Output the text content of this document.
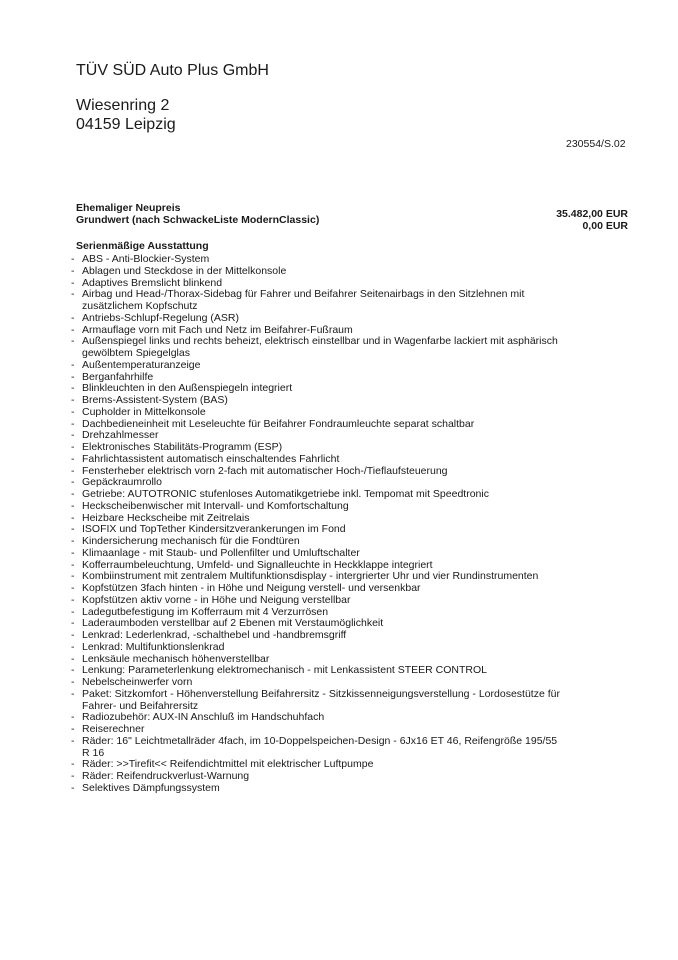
TÜV SÜD Auto Plus GmbH
Wiesenring 2
04159 Leipzig
230554/S.02
Ehemaliger Neupreis	35.482,00 EUR
Grundwert (nach SchwackeListe ModernClassic)	0,00 EUR
Serienmäßige Ausstattung
- ABS - Anti-Blockier-System
- Ablagen und Steckdose in der Mittelkonsole
- Adaptives Bremslicht blinkend
- Airbag und Head-/Thorax-Sidebag für Fahrer und Beifahrer Seitenairbags in den Sitzlehnen mit zusätzlichem Kopfschutz
- Antriebs-Schlupf-Regelung (ASR)
- Armauflage vorn mit Fach und Netz im Beifahrer-Fußraum
- Außenspiegel links und rechts beheizt, elektrisch einstellbar und in Wagenfarbe lackiert mit asphärisch gewölbtem Spiegelglas
- Außentemperaturanzeige
- Berganfahrhilfe
- Blinkleuchten in den Außenspiegeln integriert
- Brems-Assistent-System (BAS)
- Cupholder in Mittelkonsole
- Dachbedieneinheit mit Leseleuchte für Beifahrer Fondraumleuchte separat schaltbar
- Drehzahlmesser
- Elektronisches Stabilitäts-Programm (ESP)
- Fahrlichtassistent automatisch einschaltendes Fahrlicht
- Fensterheber elektrisch vorn 2-fach mit automatischer Hoch-/Tieflaufsteuerung
- Gepäckraumrollo
- Getriebe: AUTOTRONIC stufenloses Automatikgetriebe inkl. Tempomat mit Speedtronic
- Heckscheibenwischer mit Intervall- und Komfortschaltung
- Heizbare Heckscheibe mit Zeitrelais
- ISOFIX und TopTether Kindersitzverankerungen im Fond
- Kindersicherung mechanisch für die Fondtüren
- Klimaanlage - mit Staub- und Pollenfilter und Umluftschalter
- Kofferraumbeleuchtung, Umfeld- und Signalleuchte in Heckklappe integriert
- Kombiinstrument mit zentralem Multifunktionsdisplay - intergrierter Uhr und vier Rundinstrumenten
- Kopfstützen 3fach hinten - in Höhe und Neigung verstell- und versenkbar
- Kopfstützen aktiv vorne - in Höhe und Neigung verstellbar
- Ladegutbefestigung im Kofferraum mit 4 Verzurrösen
- Laderaumboden verstellbar auf 2 Ebenen mit Verstaumöglichkeit
- Lenkrad: Lederlenkrad, -schalthebel und -handbremsgriff
- Lenkrad: Multifunktionslenkrad
- Lenksäule mechanisch höhenverstellbar
- Lenkung: Parameterlenkung elektromechanisch - mit Lenkassistent STEER CONTROL
- Nebelscheinwerfer vorn
- Paket: Sitzkomfort - Höhenverstellung Beifahrersitz - Sitzkissenneigungsverstellung - Lordosestütze für Fahrer- und Beifahrersitz
- Radiozubehör: AUX-IN Anschluß im Handschuhfach
- Reiserechner
- Räder: 16" Leichtmetallräder 4fach, im 10-Doppelspeichen-Design - 6Jx16 ET 46, Reifengröße 195/55 R 16
- Räder: >>Tirefit<< Reifendichtmittel mit elektrischer Luftpumpe
- Räder: Reifendruckverlust-Warnung
- Selektives Dämpfungssystem
